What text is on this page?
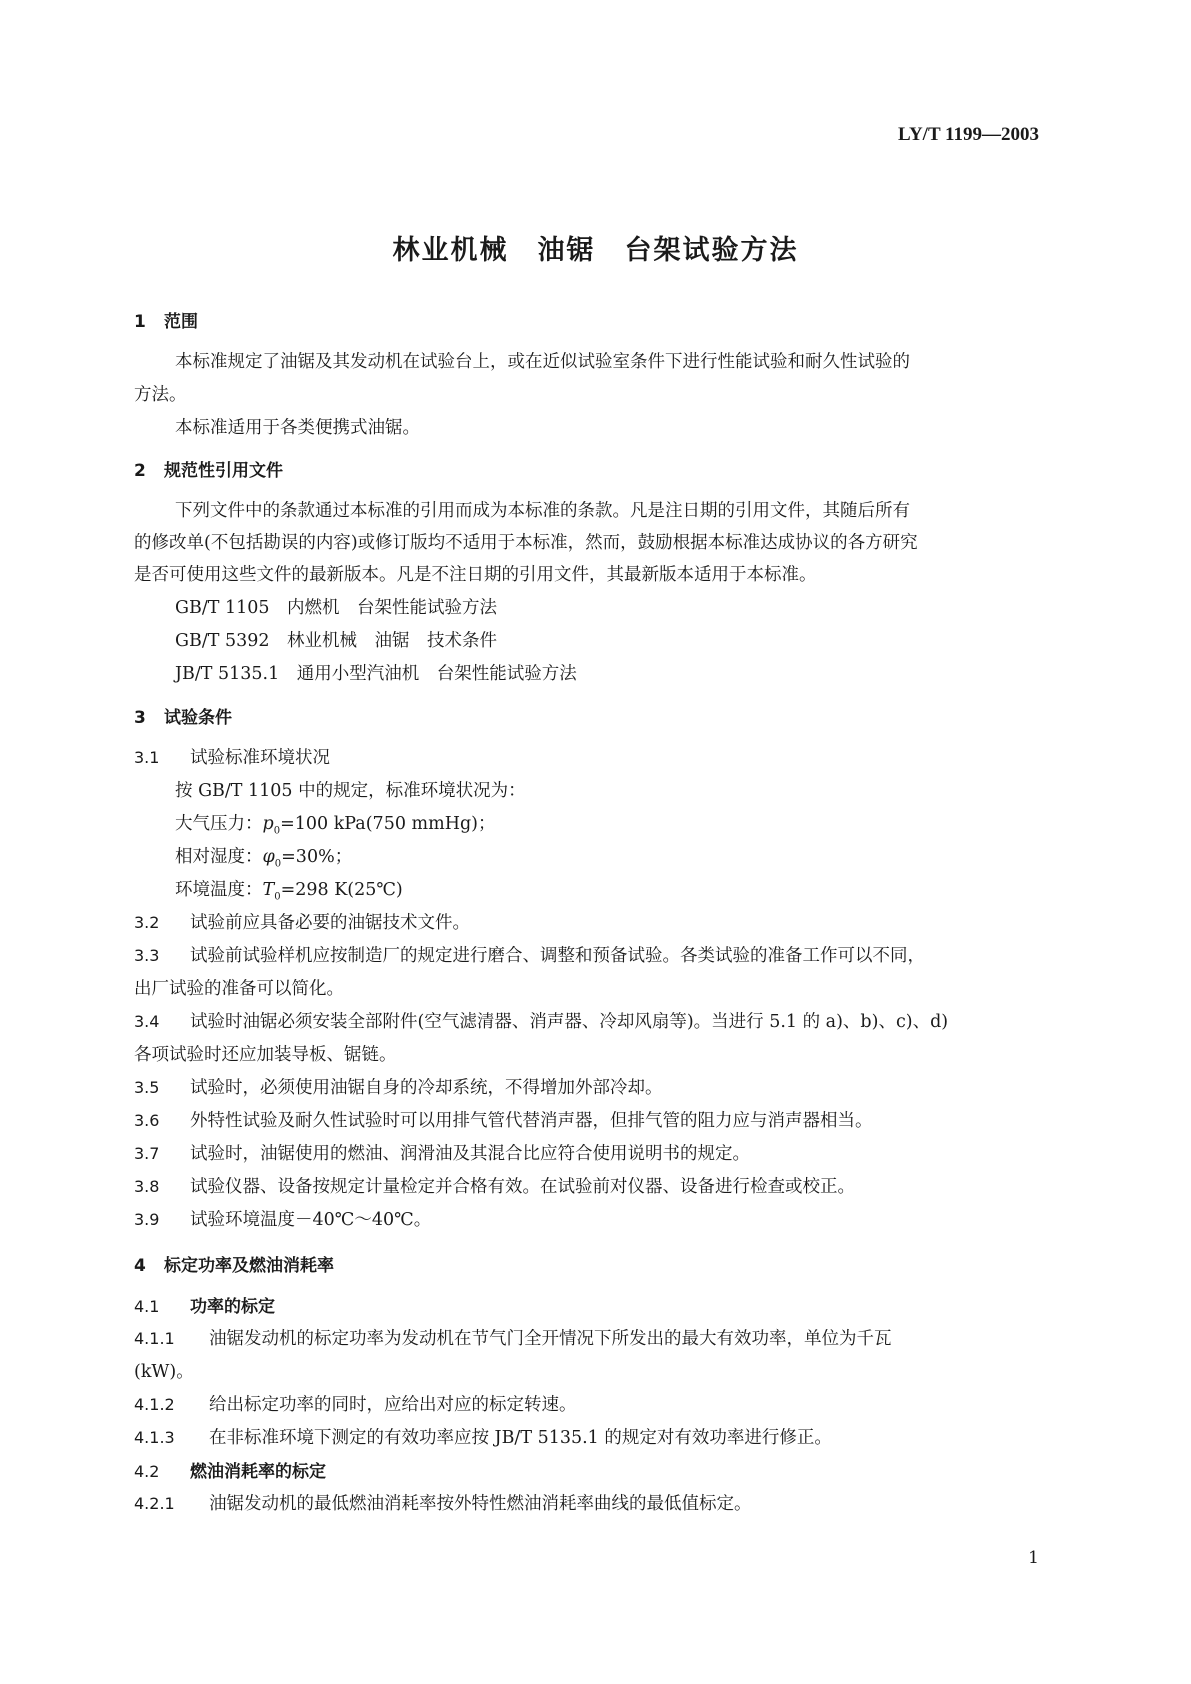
LY/T 1199—2003
林业机械　油锯　台架试验方法
1 范围
本标准规定了油锯及其发动机在试验台上，或在近似试验室条件下进行性能试验和耐久性试验的
方法。
本标准适用于各类便携式油锯。
2 规范性引用文件
下列文件中的条款通过本标准的引用而成为本标准的条款。凡是注日期的引用文件，其随后所有
的修改单(不包括勘误的内容)或修订版均不适用于本标准，然而，鼓励根据本标准达成协议的各方研究
是否可使用这些文件的最新版本。凡是不注日期的引用文件，其最新版本适用于本标准。
GB/T 1105　内燃机　台架性能试验方法
GB/T 5392　林业机械　油锯　技术条件
JB/T 5135.1　通用小型汽油机　台架性能试验方法
3 试验条件
3.1 试验标准环境状况
按 GB/T 1105 中的规定，标准环境状况为：
大气压力：$p_0=100$ kPa(750 mmHg)；
相对湿度：$\varphi_0=30\%$；
环境温度：$T_0=298$ K(25℃)
3.2 试验前应具备必要的油锯技术文件。
3.3 试验前试验样机应按制造厂的规定进行磨合、调整和预备试验。各类试验的准备工作可以不同，
出厂试验的准备可以简化。
3.4 试验时油锯必须安装全部附件(空气滤清器、消声器、冷却风扇等)。当进行 5.1 的 a)、b)、c)、d)
各项试验时还应加装导板、锯链。
3.5 试验时，必须使用油锯自身的冷却系统，不得增加外部冷却。
3.6 外特性试验及耐久性试验时可以用排气管代替消声器，但排气管的阻力应与消声器相当。
3.7 试验时，油锯使用的燃油、润滑油及其混合比应符合使用说明书的规定。
3.8 试验仪器、设备按规定计量检定并合格有效。在试验前对仪器、设备进行检查或校正。
3.9 试验环境温度－40℃～40℃。
4 标定功率及燃油消耗率
4.1 功率的标定
4.1.1 油锯发动机的标定功率为发动机在节气门全开情况下所发出的最大有效功率，单位为千瓦
(kW)。
4.1.2 给出标定功率的同时，应给出对应的标定转速。
4.1.3 在非标准环境下测定的有效功率应按 JB/T 5135.1 的规定对有效功率进行修正。
4.2 燃油消耗率的标定
4.2.1 油锯发动机的最低燃油消耗率按外特性燃油消耗率曲线的最低值标定。
1
